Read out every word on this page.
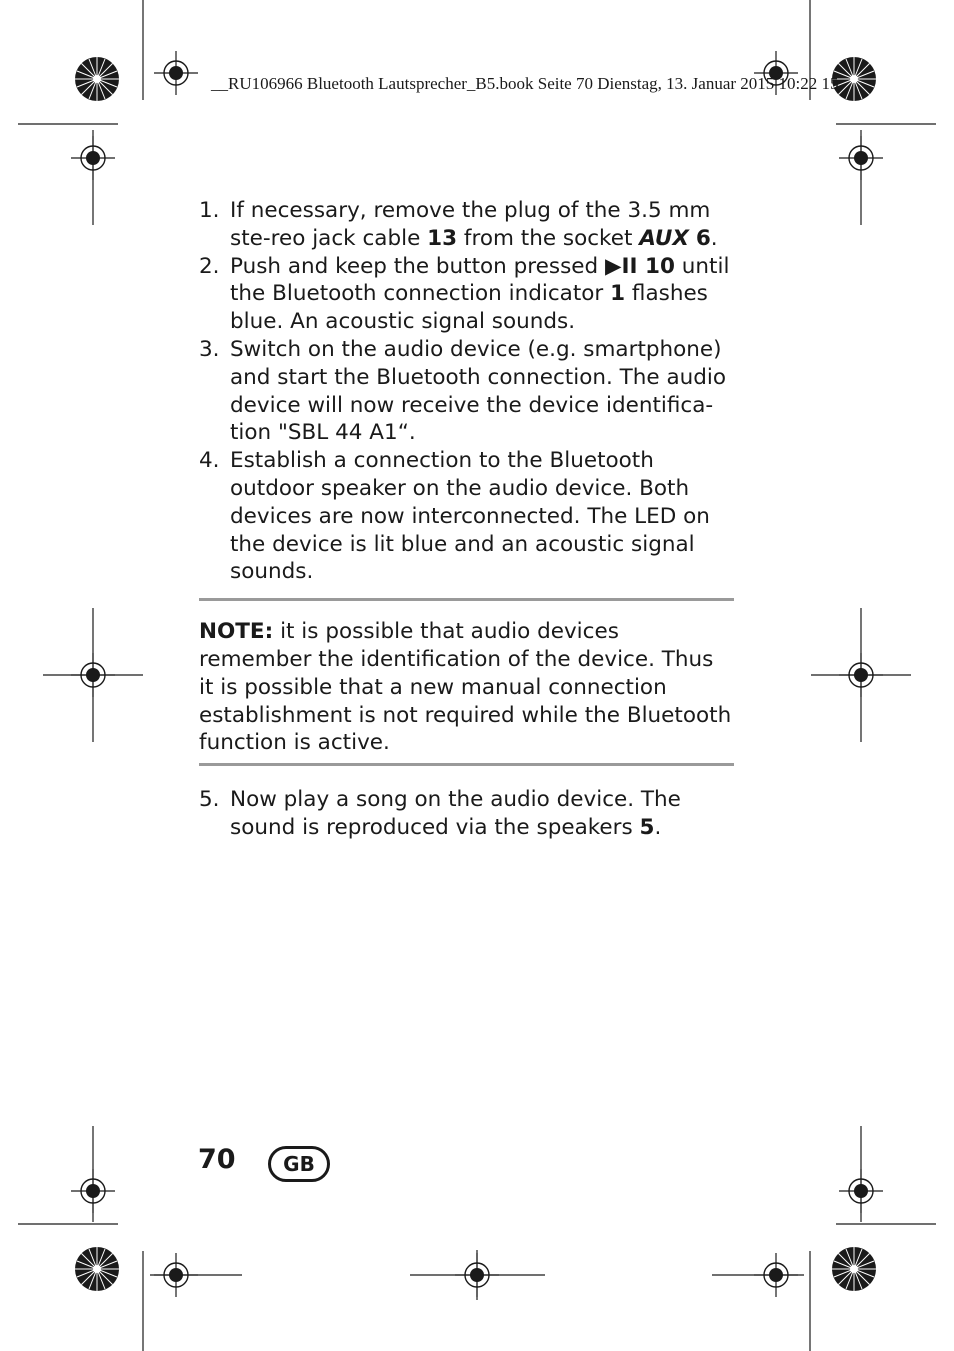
__RU106966 Bluetooth Lautsprecher_B5.book Seite 70 Dienstag, 13. Januar 2015 10:22 15
1. If necessary, remove the plug of the 3.5 mm ste-reo jack cable 13 from the socket AUX 6.
2. Push and keep the button pressed ▶II 10 until the Bluetooth connection indicator 1 flashes blue. An acoustic signal sounds.
3. Switch on the audio device (e.g. smartphone) and start the Bluetooth connection. The audio device will now receive the device identifica-tion "SBL 44 A1“.
4. Establish a connection to the Bluetooth outdoor speaker on the audio device. Both devices are now interconnected. The LED on the device is lit blue and an acoustic signal sounds.
NOTE: it is possible that audio devices remember the identification of the device. Thus it is possible that a new manual connection establishment is not required while the Bluetooth function is active.
5. Now play a song on the audio device. The sound is reproduced via the speakers 5.
70	GB
